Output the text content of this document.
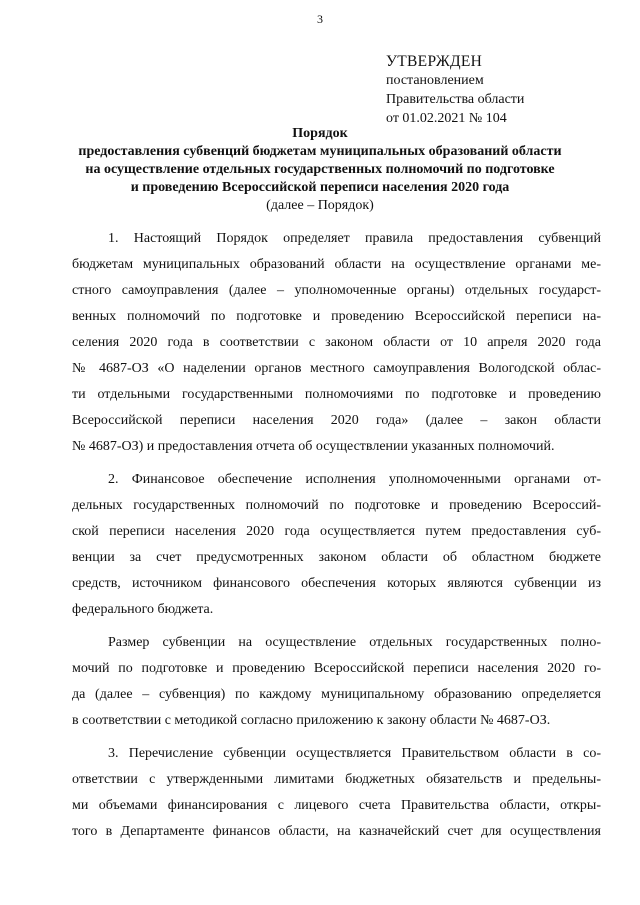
3
УТВЕРЖДЕН
постановлением
Правительства области
от 01.02.2021 № 104
Порядок
предоставления субвенций бюджетам муниципальных образований области
на осуществление отдельных государственных полномочий по подготовке
и проведению Всероссийской переписи населения 2020 года
(далее – Порядок)
1. Настоящий Порядок определяет правила предоставления субвенций
бюджетам муниципальных образований области на осуществление органами ме-
стного самоуправления (далее – уполномоченные органы) отдельных государст-
венных полномочий по подготовке и проведению Всероссийской переписи на-
селения 2020 года в соответствии с законом области от 10 апреля 2020 года
№ 4687-ОЗ «О наделении органов местного самоуправления Вологодской облас-
ти отдельными государственными полномочиями по подготовке и проведению
Всероссийской переписи населения 2020 года» (далее – закон области
№ 4687-ОЗ) и предоставления отчета об осуществлении указанных полномочий.
2. Финансовое обеспечение исполнения уполномоченными органами от-
дельных государственных полномочий по подготовке и проведению Всероссий-
ской переписи населения 2020 года осуществляется путем предоставления суб-
венции за счет предусмотренных законом области об областном бюджете
средств, источником финансового обеспечения которых являются субвенции из
федерального бюджета.
Размер субвенции на осуществление отдельных государственных полно-
мочий по подготовке и проведению Всероссийской переписи населения 2020 го-
да (далее – субвенция) по каждому муниципальному образованию определяется
в соответствии с методикой согласно приложению к закону области № 4687-ОЗ.
3. Перечисление субвенции осуществляется Правительством области в со-
ответствии с утвержденными лимитами бюджетных обязательств и предельны-
ми объемами финансирования с лицевого счета Правительства области, откры-
того в Департаменте финансов области, на казначейский счет для осуществления
